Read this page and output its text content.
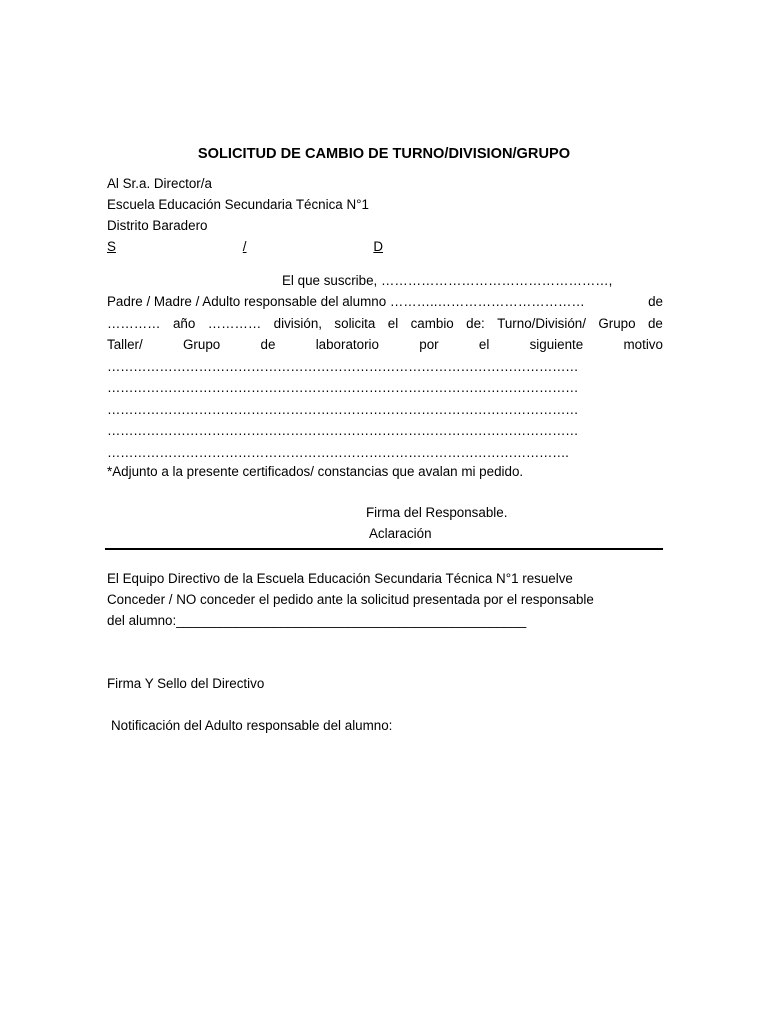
SOLICITUD DE CAMBIO DE TURNO/DIVISION/GRUPO
Al Sr.a. Director/a
Escuela Educación Secundaria Técnica N°1
Distrito Baradero
S	/	D
El que suscribe, ……………………………………………,
Padre / Madre / Adulto responsable del alumno ………..……………………………	de
………… año ………… división, solicita el cambio de: Turno/División/ Grupo de
Taller/	Grupo	de	laboratorio	por	el	siguiente	motivo
………………………………………………………………………………………………
………………………………………………………………………………………………
………………………………………………………………………………………………
………………………………………………………………………………………………
…………………………………………………………………………………………….
*Adjunto a la presente certificados/ constancias que avalan mi pedido.
Firma del Responsable.
Aclaración
El Equipo Directivo de la Escuela Educación Secundaria Técnica N°1 resuelve
Conceder / NO conceder el pedido ante la solicitud presentada por el responsable
del alumno:_______________________________________________
Firma Y Sello del Directivo
Notificación del Adulto responsable del alumno:
